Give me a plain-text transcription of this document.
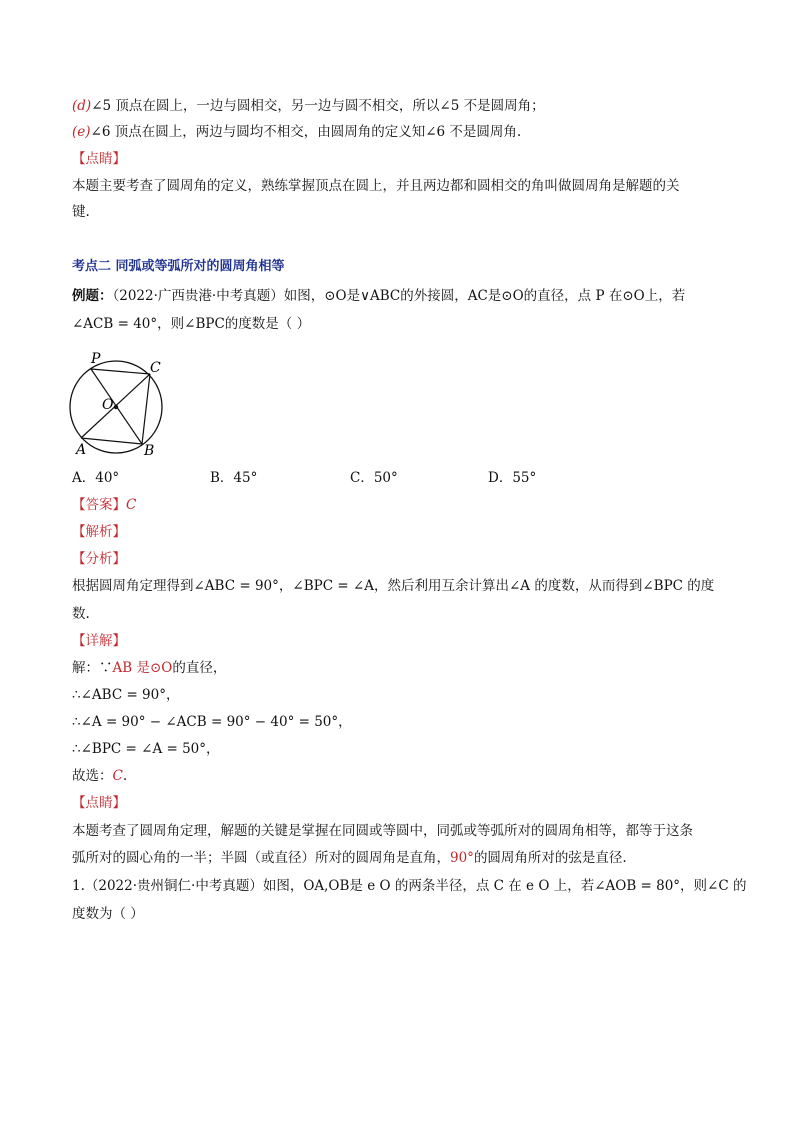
(d)∠5 顶点在圆上，一边与圆相交，另一边与圆不相交，所以∠5 不是圆周角；
(e)∠6 顶点在圆上，两边与圆均不相交，由圆周角的定义知∠6 不是圆周角.
【点睛】
本题主要考查了圆周角的定义，熟练掌握顶点在圆上，并且两边都和圆相交的角叫做圆周角是解题的关
键.
考点二 同弧或等弧所对的圆周角相等
例题：（2022·广西贵港·中考真题）如图，⊙O是∨ABC的外接圆，AC是⊙O的直径，点 P 在⊙O上，若
∠ACB = 40°，则∠BPC的度数是（ ）
P
C
O
A	B
A．40°	B．45°	C．50°	D．55°
【答案】C
【解析】
【分析】
根据圆周角定理得到∠ABC = 90°，∠BPC = ∠A，然后利用互余计算出∠A 的度数，从而得到∠BPC 的度
数.
【详解】
解：∵AB 是⊙O的直径，
∴∠ABC = 90°，
∴∠A = 90° − ∠ACB = 90° − 40° = 50°，
∴∠BPC = ∠A = 50°，
故选：C.
【点睛】
本题考查了圆周角定理，解题的关键是掌握在同圆或等圆中，同弧或等弧所对的圆周角相等，都等于这条
弧所对的圆心角的一半；半圆（或直径）所对的圆周角是直角，90°的圆周角所对的弦是直径.
1.（2022·贵州铜仁·中考真题）如图，OA,OB是 e O 的两条半径，点 C 在 e O 上，若∠AOB = 80°，则∠C 的
度数为（ ）
